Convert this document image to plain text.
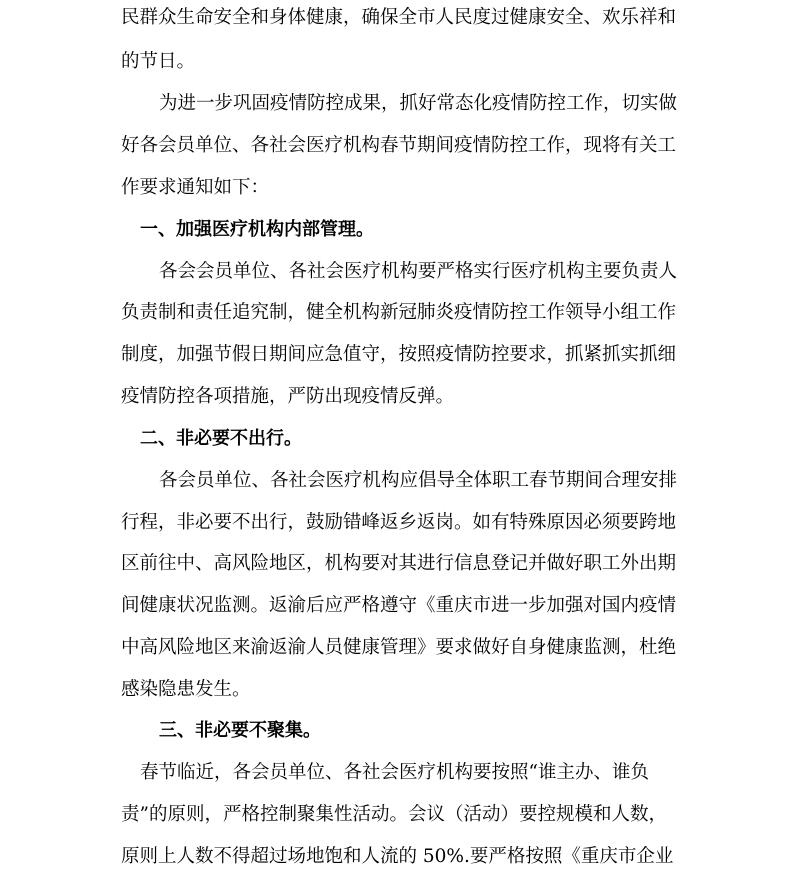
民群众生命安全和身体健康，确保全市人民度过健康安全、欢乐祥和
的节日。
为进一步巩固疫情防控成果，抓好常态化疫情防控工作，切实做
好各会员单位、各社会医疗机构春节期间疫情防控工作，现将有关工
作要求通知如下：
一、加强医疗机构内部管理。
各会会员单位、各社会医疗机构要严格实行医疗机构主要负责人
负责制和责任追究制，健全机构新冠肺炎疫情防控工作领导小组工作
制度，加强节假日期间应急值守，按照疫情防控要求，抓紧抓实抓细
疫情防控各项措施，严防出现疫情反弹。
二、非必要不出行。
各会员单位、各社会医疗机构应倡导全体职工春节期间合理安排
行程，非必要不出行，鼓励错峰返乡返岗。如有特殊原因必须要跨地
区前往中、高风险地区，机构要对其进行信息登记并做好职工外出期
间健康状况监测。返渝后应严格遵守《重庆市进一步加强对国内疫情
中高风险地区来渝返渝人员健康管理》要求做好自身健康监测，杜绝
感染隐患发生。
三、非必要不聚集。
春节临近，各会员单位、各社会医疗机构要按照“谁主办、谁负
责”的原则，严格控制聚集性活动。会议（活动）要控规模和人数，
原则上人数不得超过场地饱和人流的 50%.要严格按照《重庆市企业
